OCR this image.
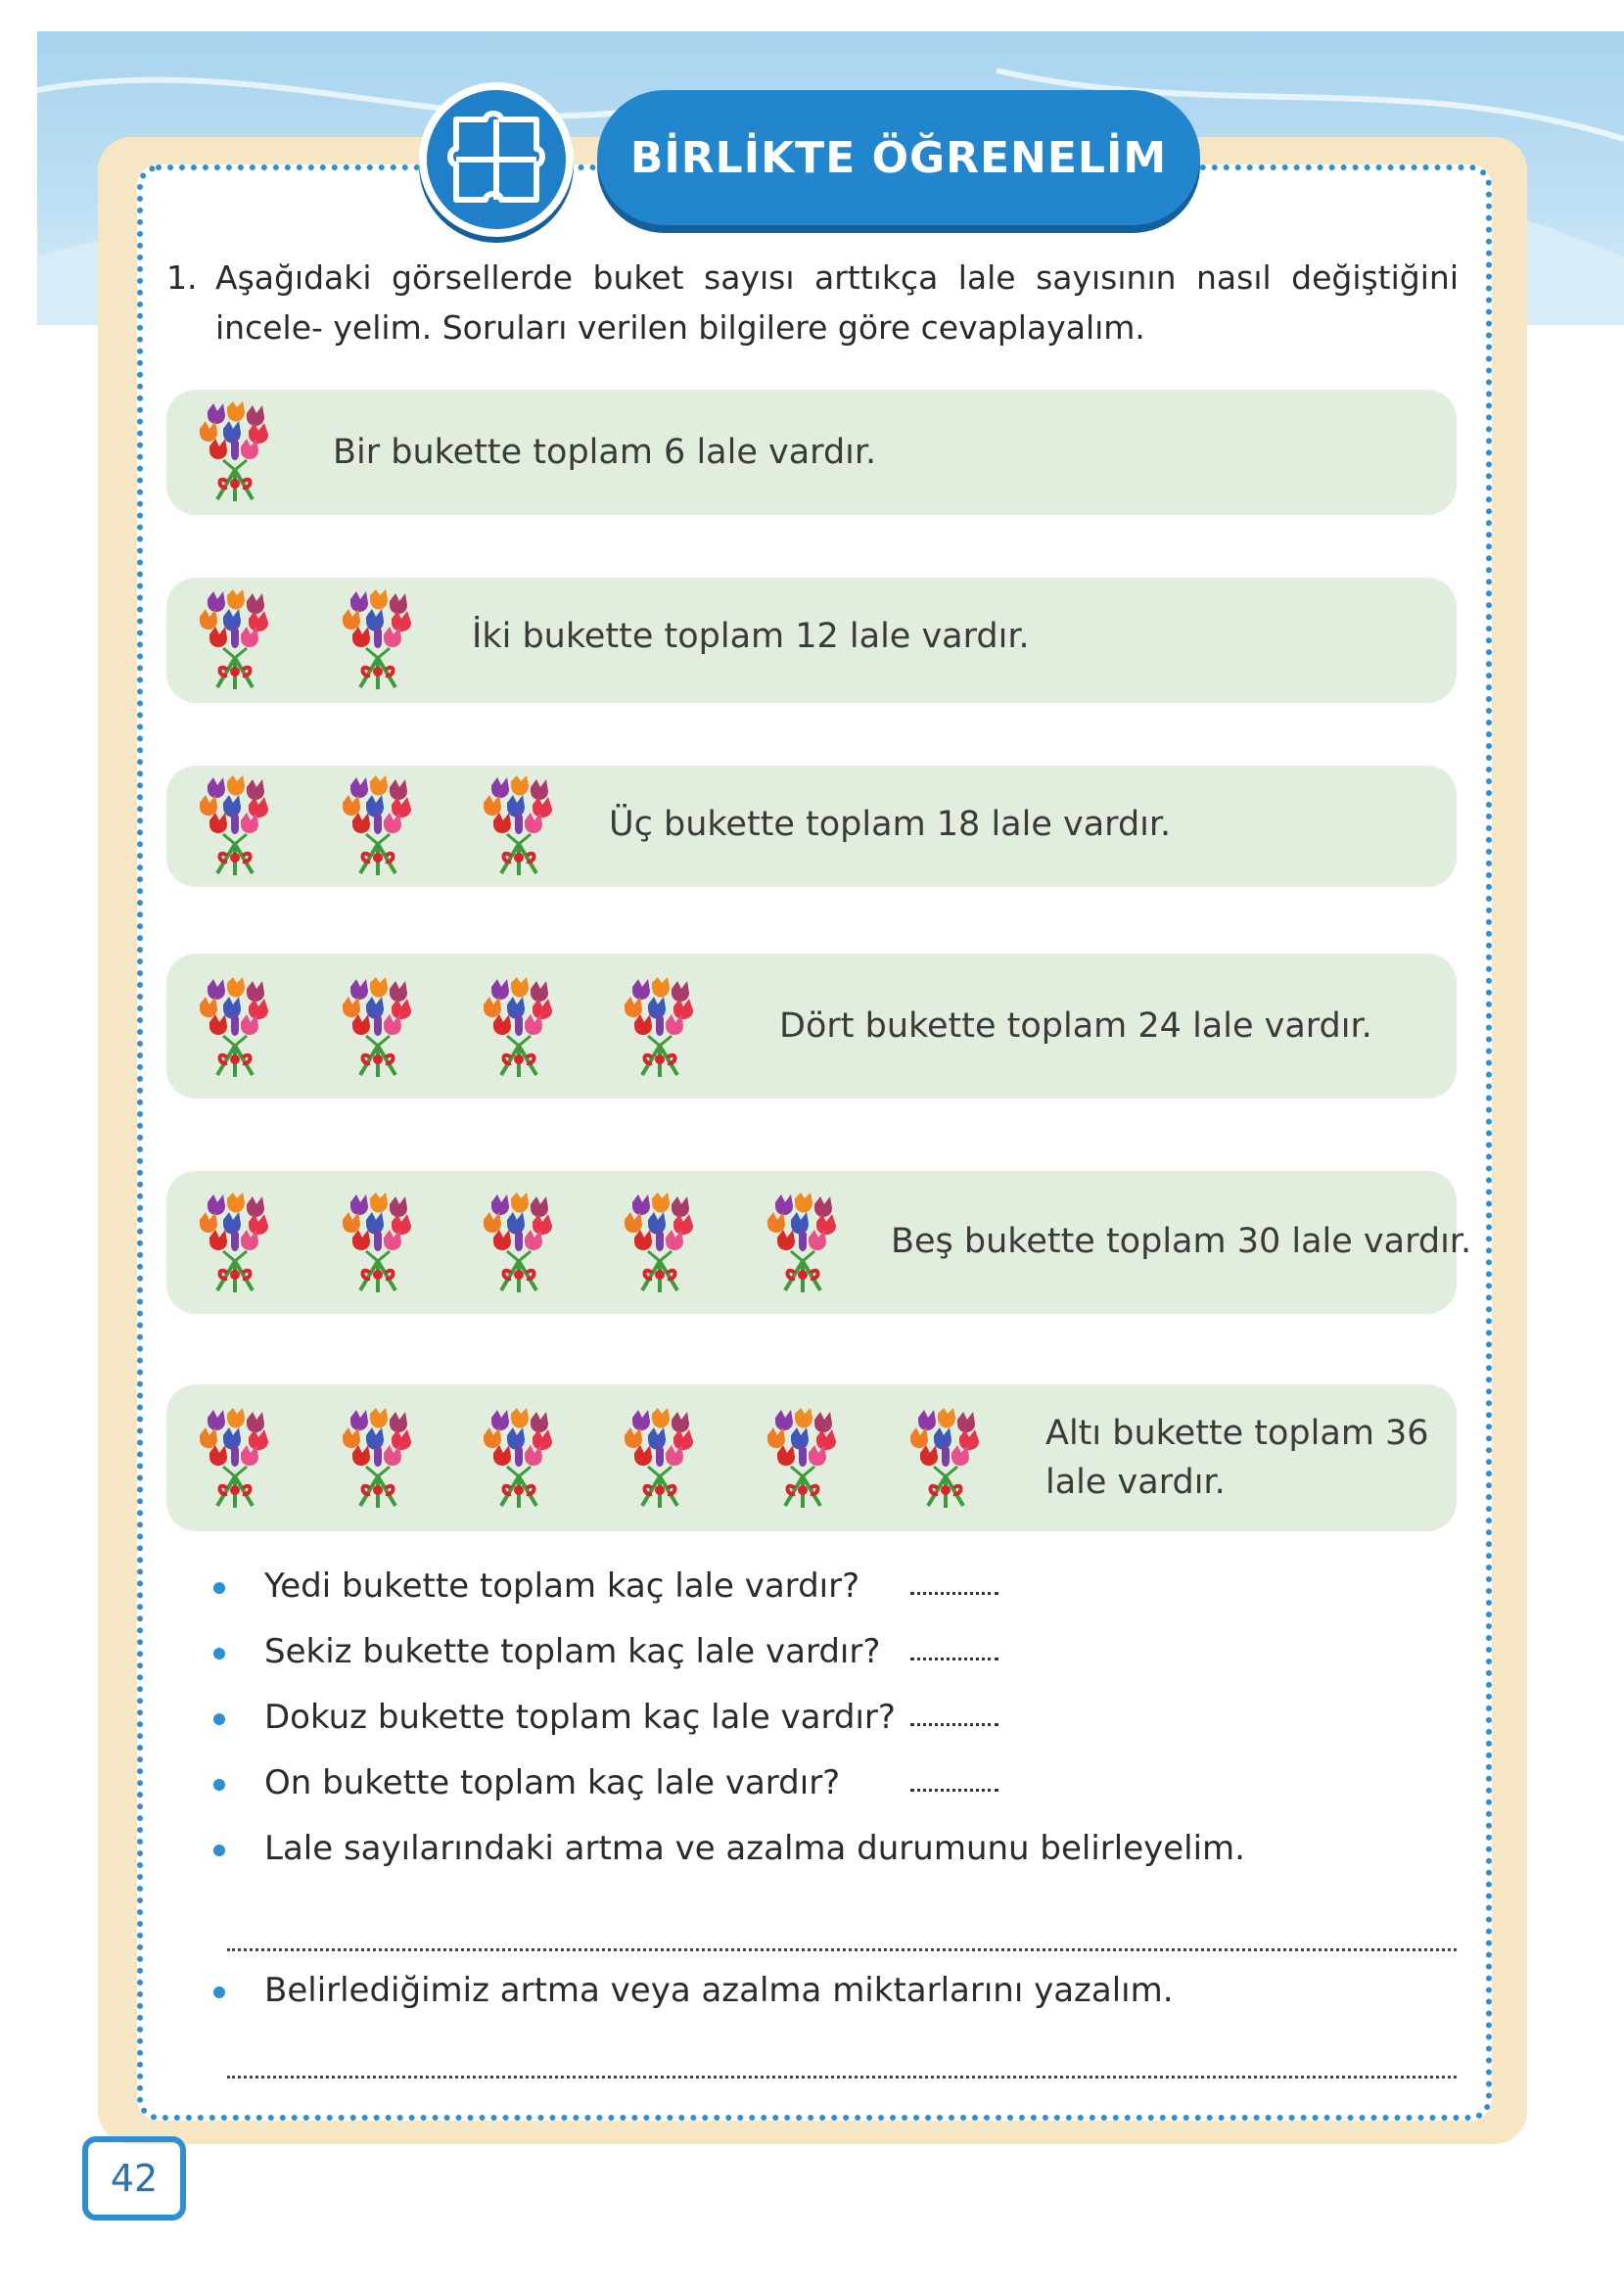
BİRLİKTE ÖĞRENELİM
1. Aşağıdaki görsellerde buket sayısı arttıkça lale sayısının nasıl değiştiğini incele- yelim. Soruları verilen bilgilere göre cevaplayalım.
Bir bukette toplam 6 lale vardır.
İki bukette toplam 12 lale vardır.
Üç bukette toplam 18 lale vardır.
Dört bukette toplam 24 lale vardır.
Beş bukette toplam 30 lale vardır.
Altı bukette toplam 36
lale vardır.
Yedi bukette toplam kaç lale vardır?
Sekiz bukette toplam kaç lale vardır?
Dokuz bukette toplam kaç lale vardır?
On bukette toplam kaç lale vardır?
Lale sayılarındaki artma ve azalma durumunu belirleyelim.
Belirlediğimiz artma veya azalma miktarlarını yazalım.
42
